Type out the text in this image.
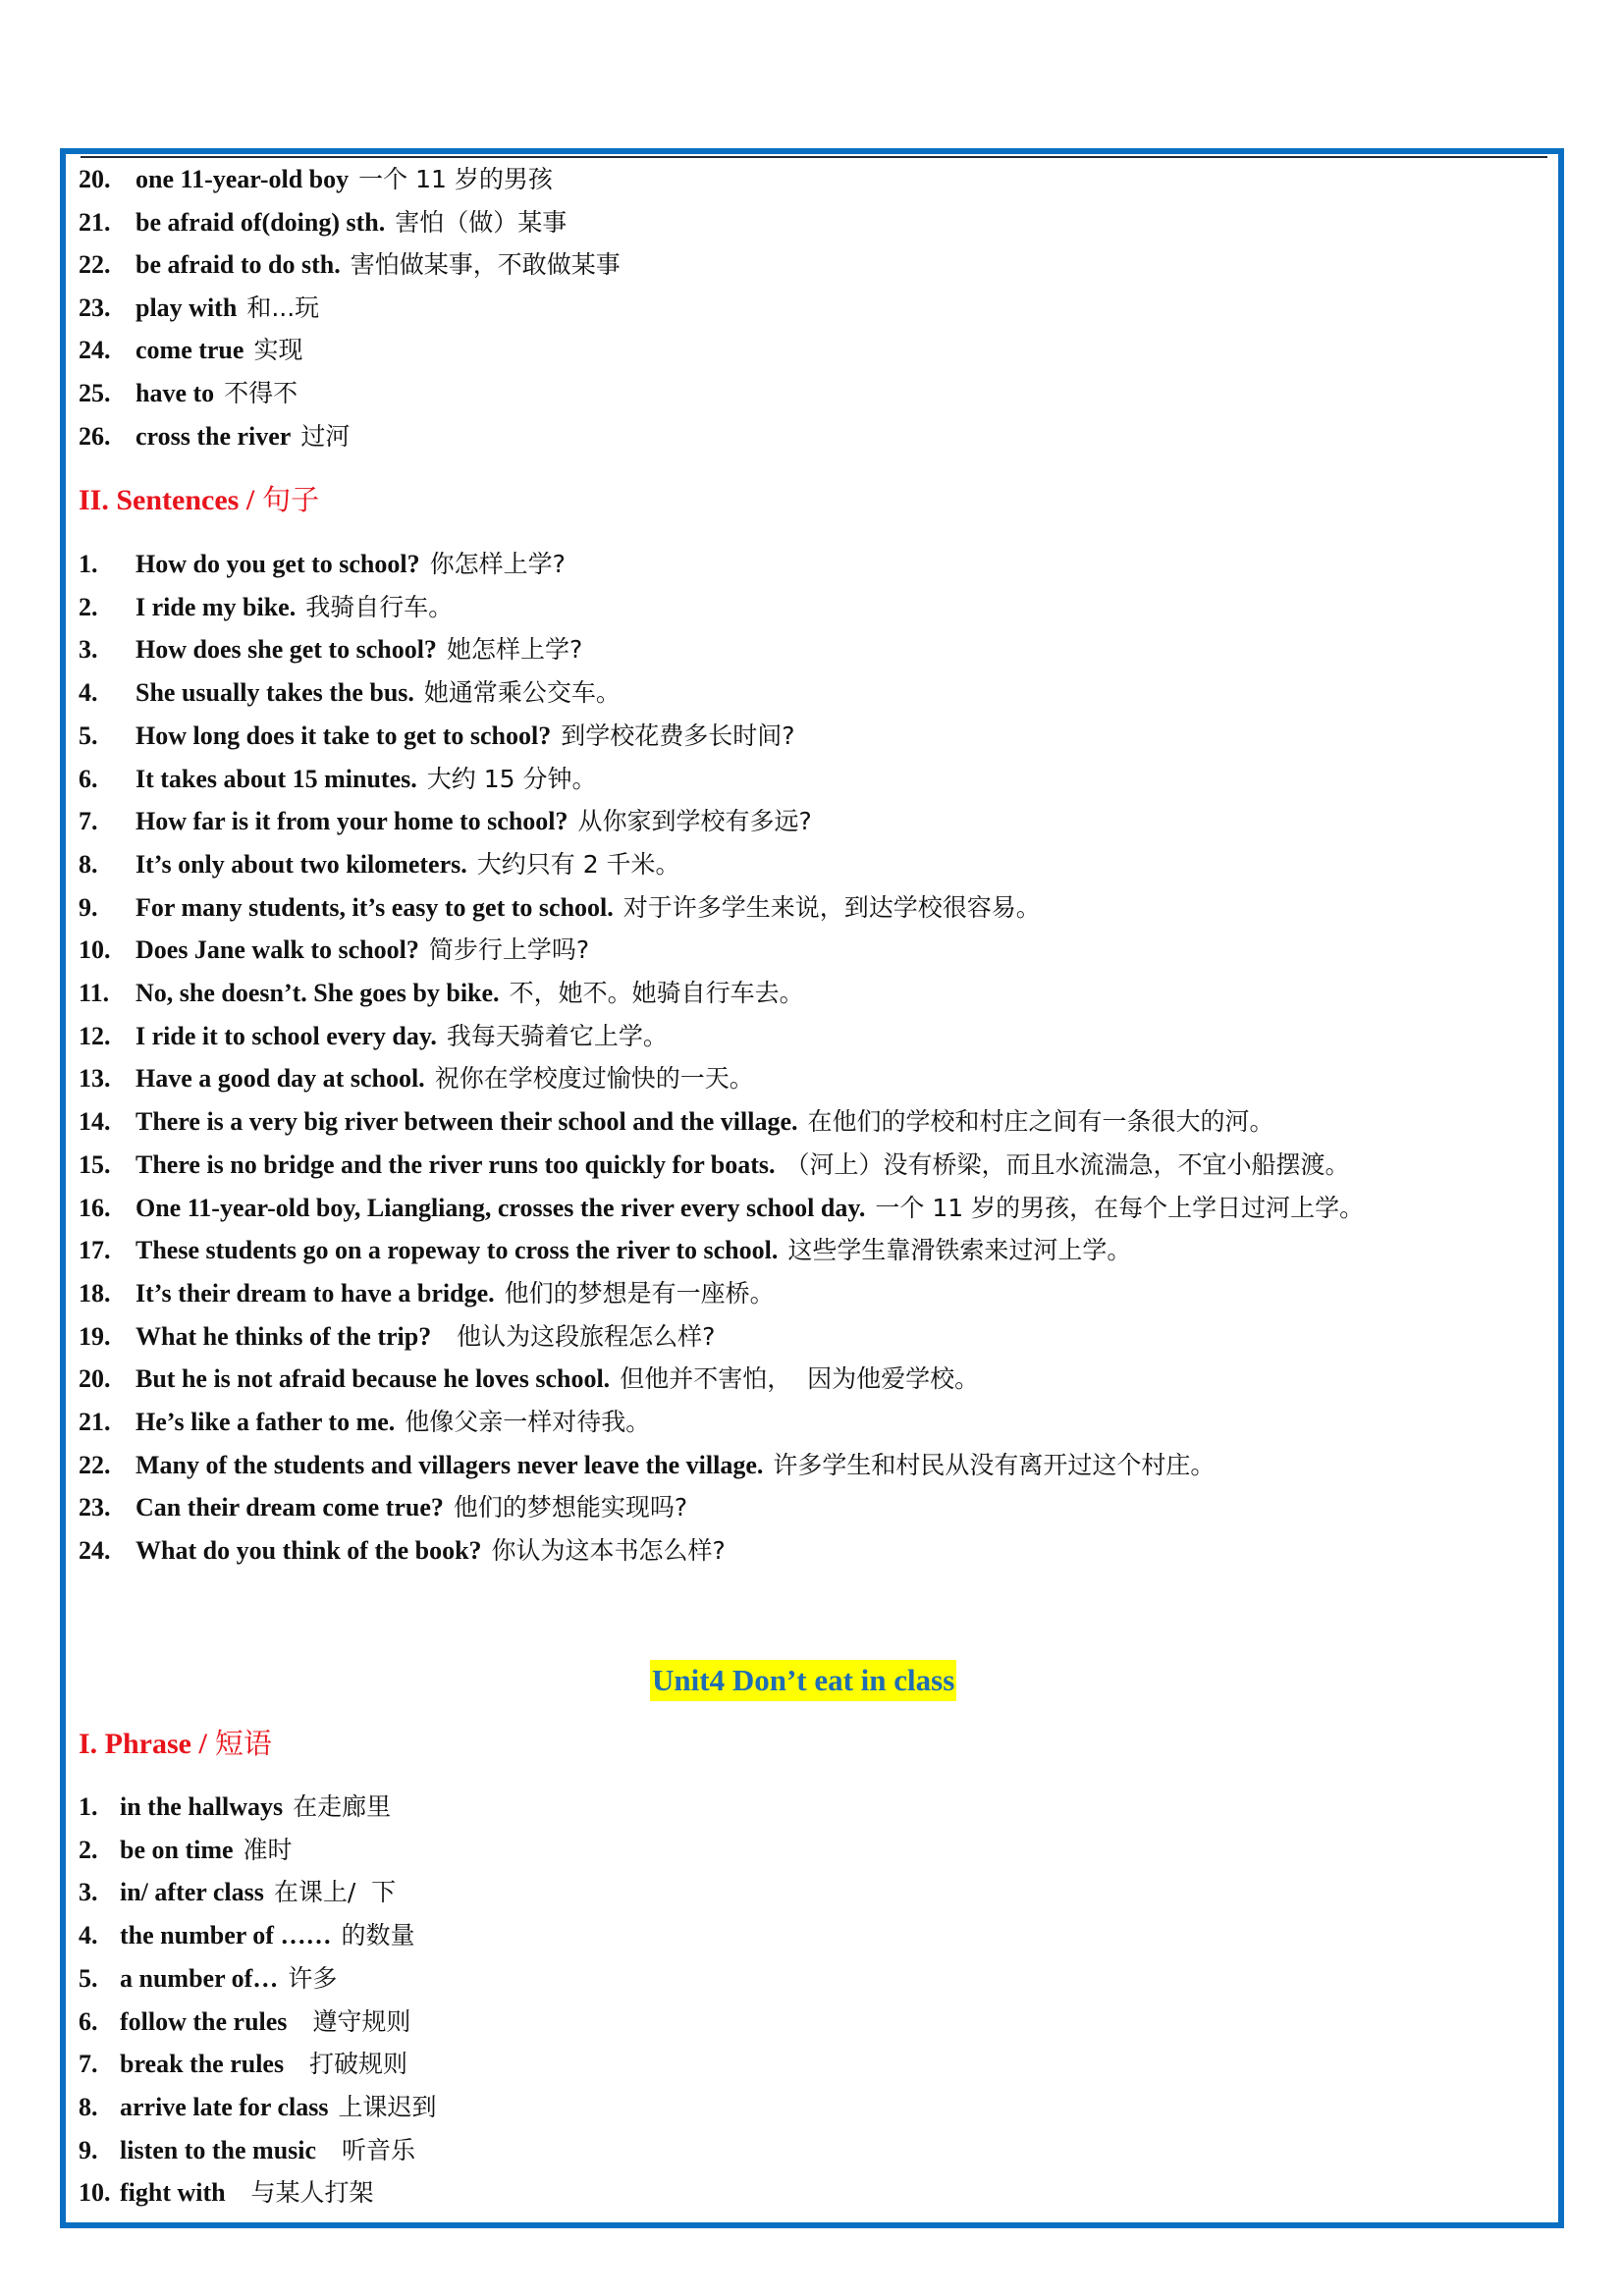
20. one 11-year-old boy 一个 11 岁的男孩
21. be afraid of(doing) sth. 害怕（做）某事
22. be afraid to do sth. 害怕做某事，不敢做某事
23. play with 和...玩
24. come true 实现
25. have to 不得不
26. cross the river 过河
II. Sentences / 句子
1. How do you get to school? 你怎样上学?
2. I ride my bike. 我骑自行车。
3. How does she get to school? 她怎样上学?
4. She usually takes the bus. 她通常乘公交车。
5. How long does it take to get to school? 到学校花费多长时间?
6. It takes about 15 minutes. 大约 15 分钟。
7. How far is it from your home to school? 从你家到学校有多远?
8. It’s only about two kilometers. 大约只有 2 千米。
9. For many students, it’s easy to get to school. 对于许多学生来说，到达学校很容易。
10. Does Jane walk to school? 简步行上学吗?
11. No, she doesn’t. She goes by bike. 不，她不。她骑自行车去。
12. I ride it to school every day. 我每天骑着它上学。
13. Have a good day at school. 祝你在学校度过愉快的一天。
14. There is a very big river between their school and the village. 在他们的学校和村庄之间有一条很大的河。
15. There is no bridge and the river runs too quickly for boats. （河上）没有桥梁，而且水流湍急，不宜小船摆渡。
16. One 11-year-old boy, Liangliang, crosses the river every school day. 一个 11 岁的男孩，在每个上学日过河上学。
17. These students go on a ropeway to cross the river to school. 这些学生靠滑铁索来过河上学。
18. It’s their dream to have a bridge. 他们的梦想是有一座桥。
19. What he thinks of the trip?  他认为这段旅程怎么样?
20. But he is not afraid because he loves school. 但他并不害怕，  因为他爱学校。
21. He’s like a father to me. 他像父亲一样对待我。
22. Many of the students and villagers never leave the village. 许多学生和村民从没有离开过这个村庄。
23. Can their dream come true? 他们的梦想能实现吗?
24. What do you think of the book? 你认为这本书怎么样?
Unit4 Don’t eat in class
I. Phrase / 短语
1. in the hallways 在走廊里
2. be on time 准时
3. in/ after class 在课上/  下
4. the number of …… 的数量
5. a number of… 许多
6. follow the rules  遵守规则
7. break the rules  打破规则
8. arrive late for class 上课迟到
9. listen to the music  听音乐
10. fight with  与某人打架
